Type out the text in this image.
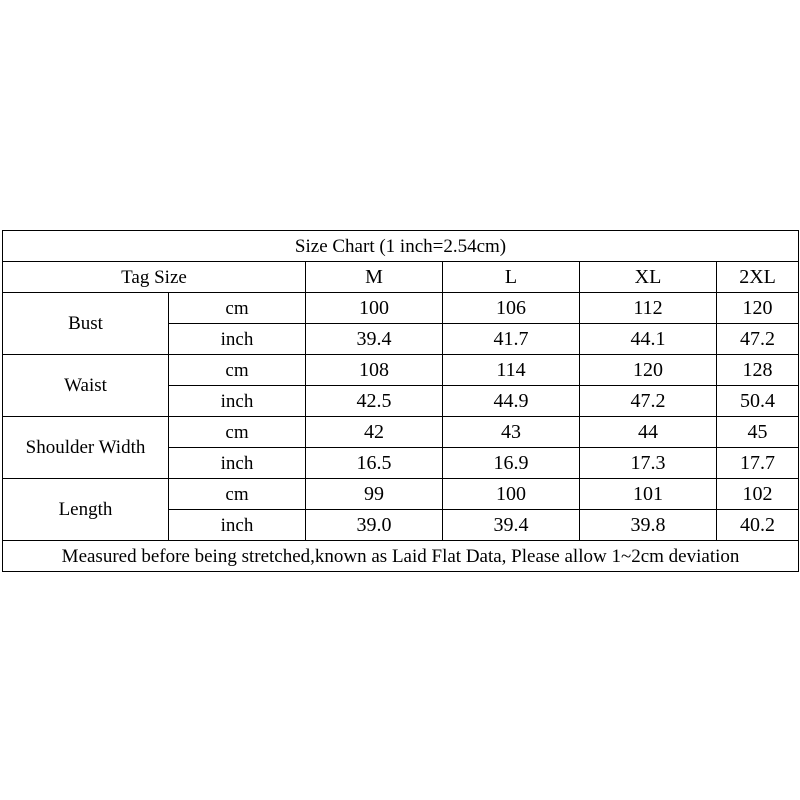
Size Chart (1 inch=2.54cm)					
Tag Size		M	L	XL	2XL
Bust	cm	100	106	112	120
	inch	39.4	41.7	44.1	47.2
Waist	cm	108	114	120	128
	inch	42.5	44.9	47.2	50.4
Shoulder Width	cm	42	43	44	45
	inch	16.5	16.9	17.3	17.7
Length	cm	99	100	101	102
	inch	39.0	39.4	39.8	40.2
Measured before being stretched,known as Laid Flat Data, Please allow 1~2cm deviation					
